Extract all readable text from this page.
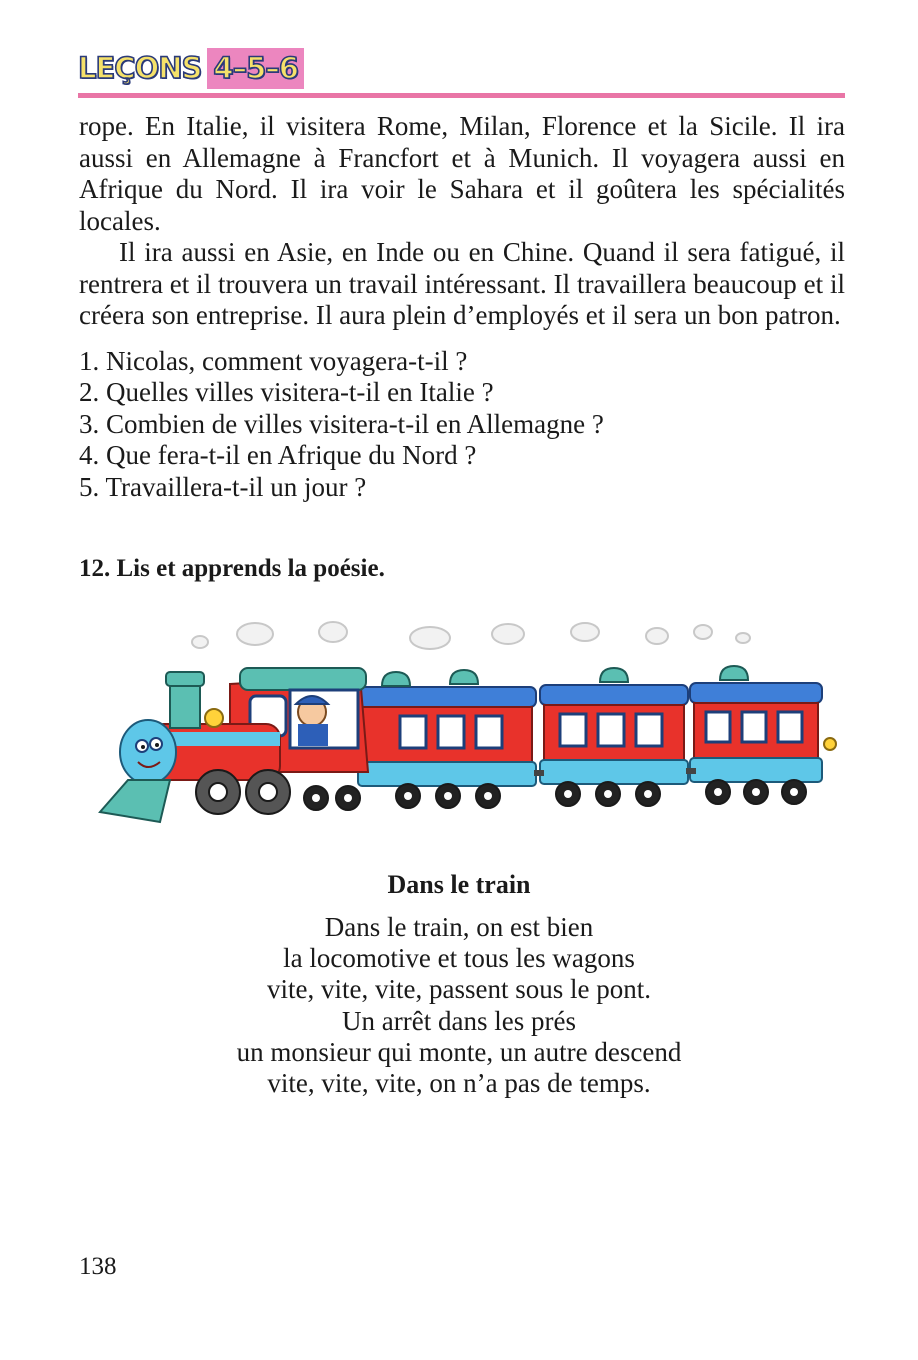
LEÇONS 4–5–6

rope. En Italie, il visitera Rome, Milan, Florence et la Sicile. Il ira aussi en Allemagne à Francfort et à Munich. Il voyagera aussi en Afrique du Nord. Il ira voir le Sahara et il goûtera les spécialités locales.

Il ira aussi en Asie, en Inde ou en Chine. Quand il sera fatigué, il rentrera et il trouvera un travail intéressant. Il travaillera beaucoup et il créera son entreprise. Il aura plein d’employés et il sera un bon patron.

1. Nicolas, comment voyagera-t-il ?
2. Quelles villes visitera-t-il en Italie ?
3. Combien de villes visitera-t-il en Allemagne ?
4. Que fera-t-il en Afrique du Nord ?
5. Travaillera-t-il un jour ?
12. Lis et apprends la poésie.
Dans le train
Dans le train, on est bien
la locomotive et tous les wagons
vite, vite, vite, passent sous le pont.
Un arrêt dans les prés
un monsieur qui monte, un autre descend
vite, vite, vite, on n’a pas de temps.
138
